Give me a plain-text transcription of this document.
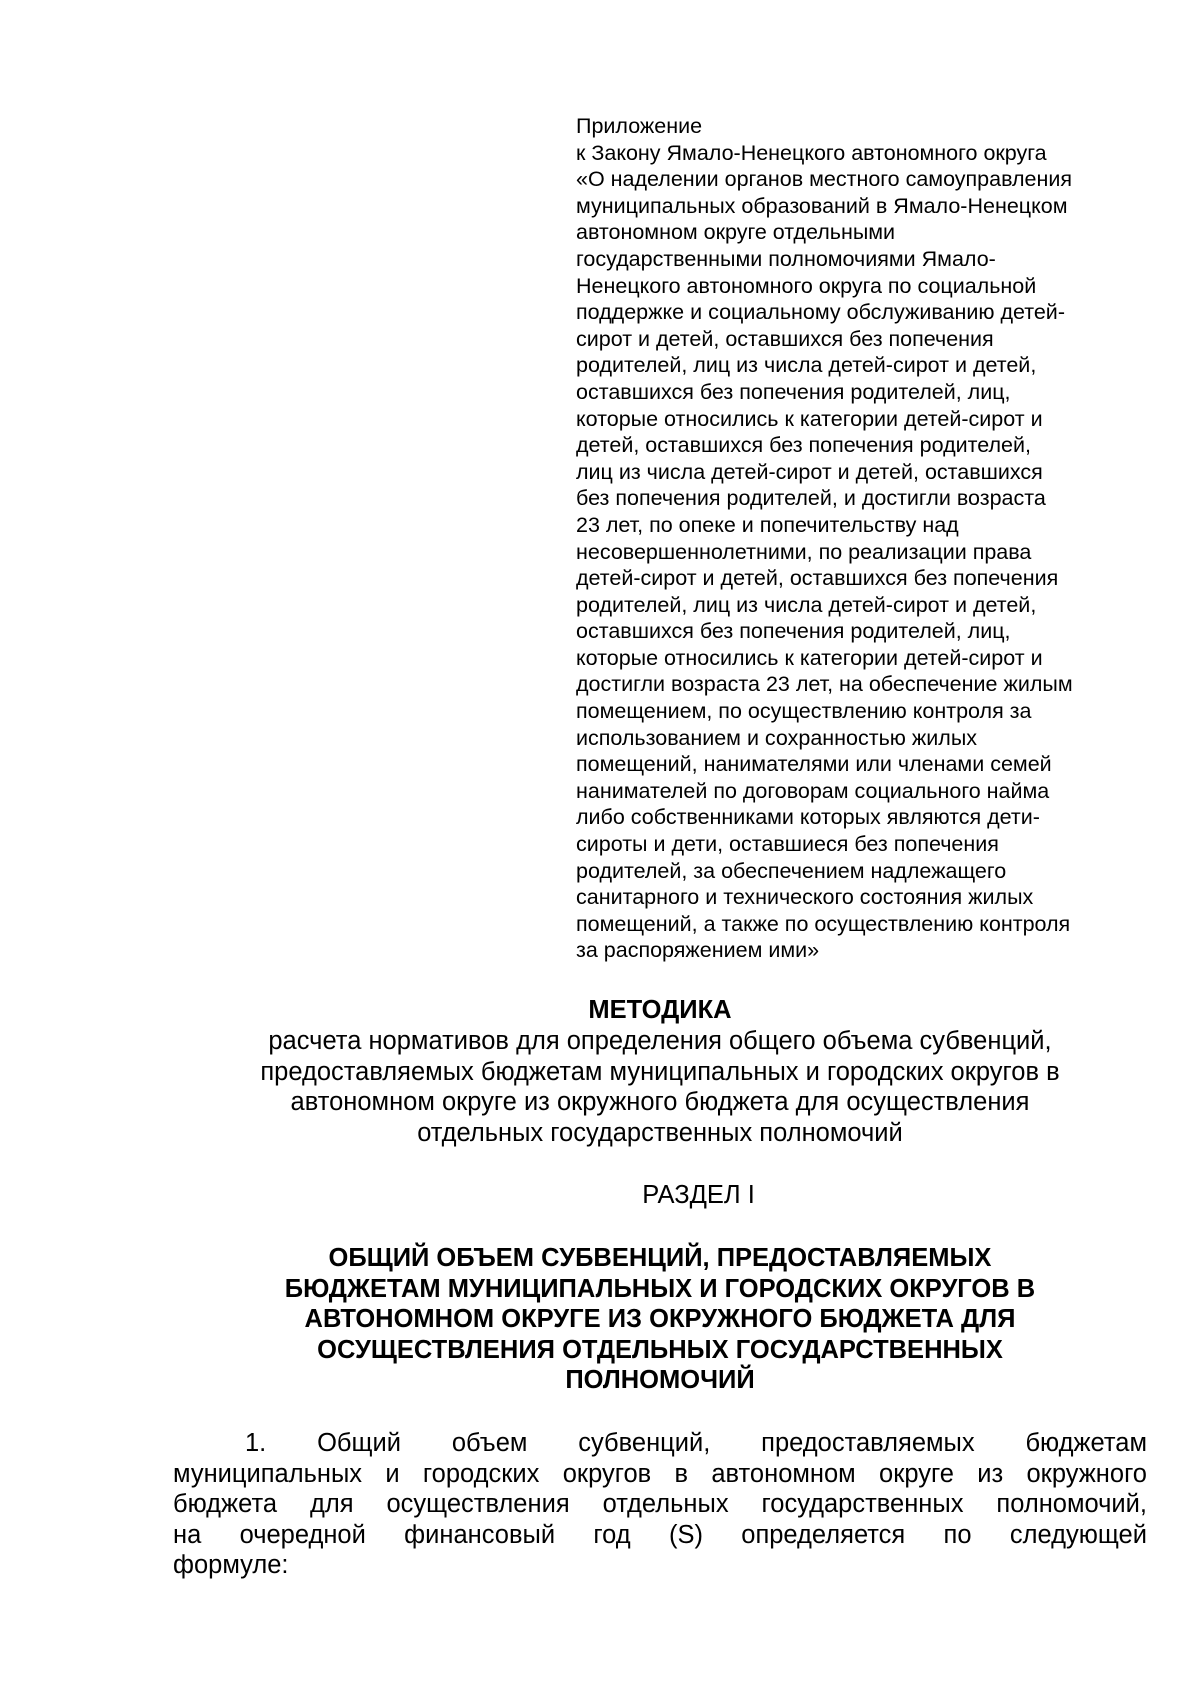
Приложение
к Закону Ямало-Ненецкого автономного округа
«О наделении органов местного самоуправления
муниципальных образований в Ямало-Ненецком
автономном округе отдельными
государственными полномочиями Ямало-
Ненецкого автономного округа по социальной
поддержке и социальному обслуживанию детей-
сирот и детей, оставшихся без попечения
родителей, лиц из числа детей-сирот и детей,
оставшихся без попечения родителей, лиц,
которые относились к категории детей-сирот и
детей, оставшихся без попечения родителей,
лиц из числа детей-сирот и детей, оставшихся
без попечения родителей, и достигли возраста
23 лет, по опеке и попечительству над
несовершеннолетними, по реализации права
детей-сирот и детей, оставшихся без попечения
родителей, лиц из числа детей-сирот и детей,
оставшихся без попечения родителей, лиц,
которые относились к категории детей-сирот и
достигли возраста 23 лет, на обеспечение жилым
помещением, по осуществлению контроля за
использованием и сохранностью жилых
помещений, нанимателями или членами семей
нанимателей по договорам социального найма
либо собственниками которых являются дети-
сироты и дети, оставшиеся без попечения
родителей, за обеспечением надлежащего
санитарного и технического состояния жилых
помещений, а также по осуществлению контроля
за распоряжением ими»
МЕТОДИКА
расчета нормативов для определения общего объема субвенций,
предоставляемых бюджетам муниципальных и городских округов в
автономном округе из окружного бюджета для осуществления
отдельных государственных полномочий
РАЗДЕЛ I
ОБЩИЙ ОБЪЕМ СУБВЕНЦИЙ, ПРЕДОСТАВЛЯЕМЫХ
БЮДЖЕТАМ МУНИЦИПАЛЬНЫХ И ГОРОДСКИХ ОКРУГОВ В
АВТОНОМНОМ ОКРУГЕ ИЗ ОКРУЖНОГО БЮДЖЕТА ДЛЯ
ОСУЩЕСТВЛЕНИЯ ОТДЕЛЬНЫХ ГОСУДАРСТВЕННЫХ
ПОЛНОМОЧИЙ
1. Общий объем субвенций, предоставляемых бюджетам
муниципальных и городских округов в автономном округе из окружного
бюджета для осуществления отдельных государственных полномочий,
на очередной финансовый год (S) определяется по следующей
формуле:
